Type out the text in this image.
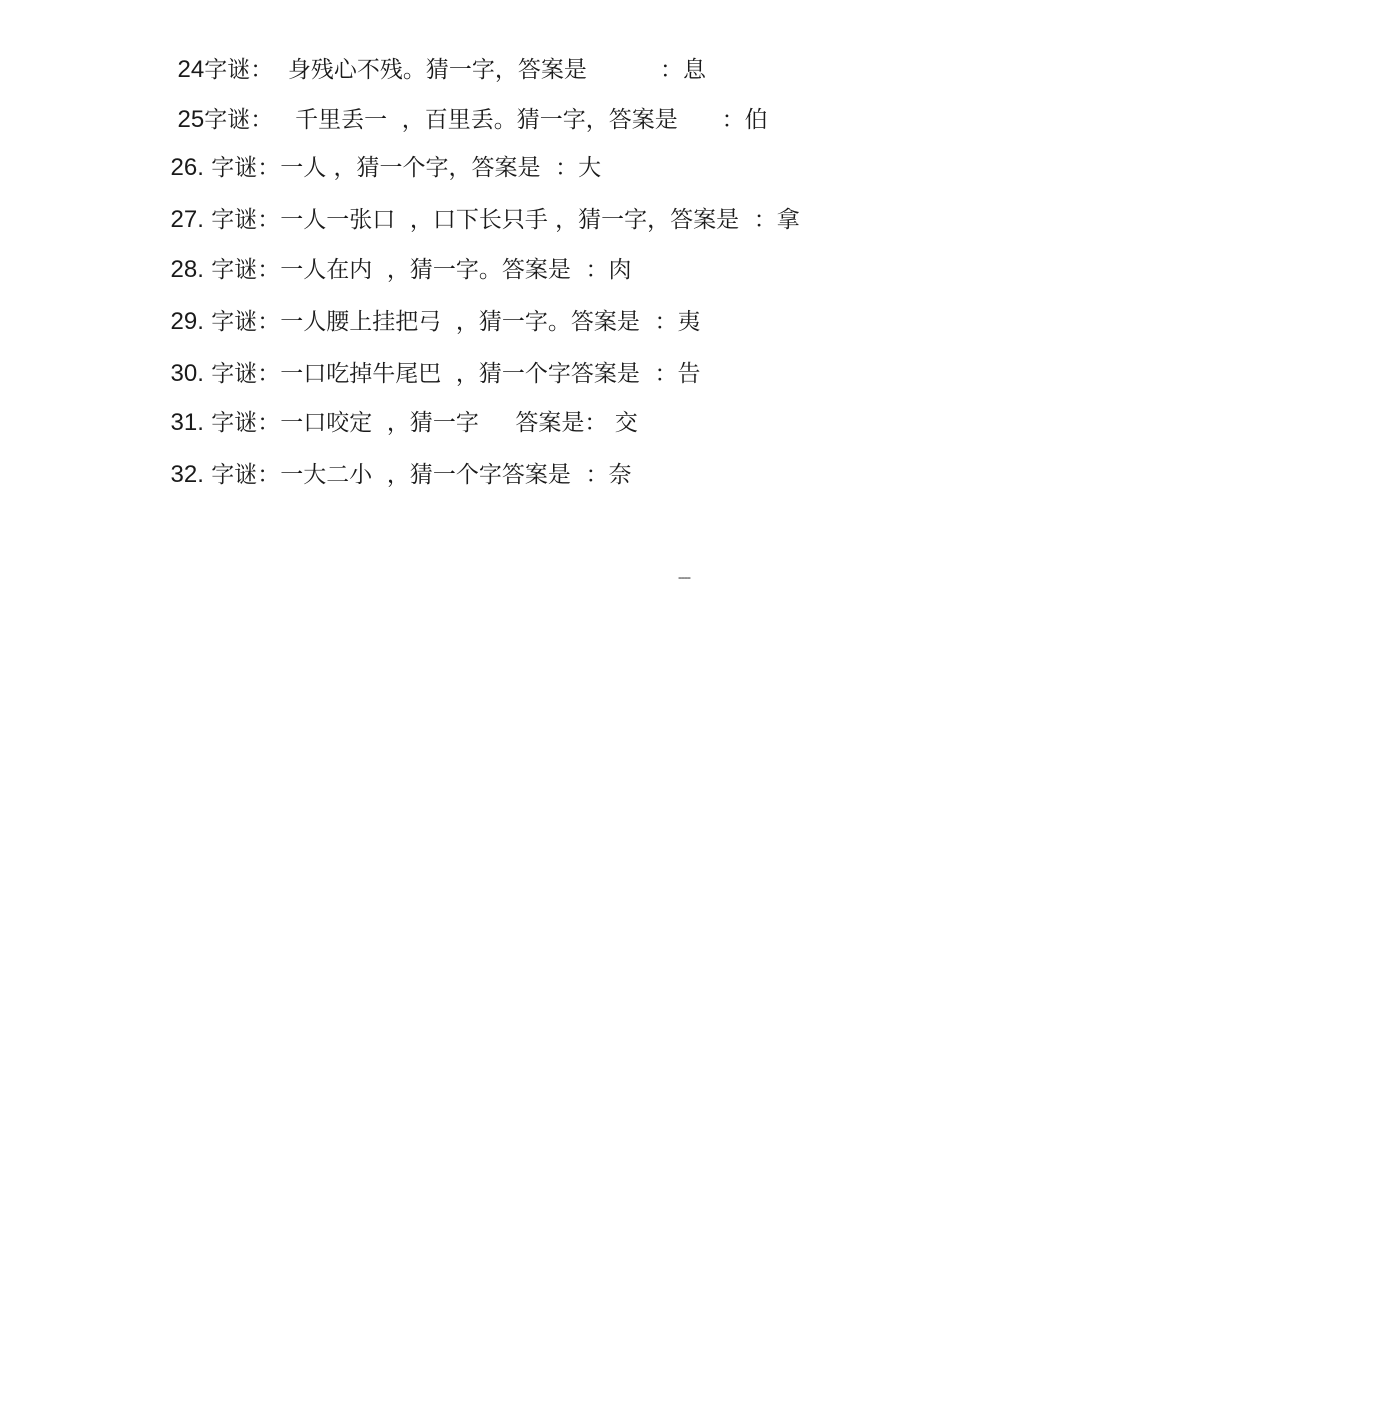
24字谜：  身残心不残。猜一字，答案是          ：息

25字谜：   千里丢一  ，百里丢。猜一字，答案是      ：伯

26. 字谜：一人 ，猜一个字，答案是  ：大

27. 字谜：一人一张口  ，口下长只手 ，猜一字，答案是  ：拿

28. 字谜：一人在内  ，猜一字。答案是  ：肉

29. 字谜：一人腰上挂把弓  ，猜一字。答案是  ：夷

30. 字谜：一口吃掉牛尾巴  ，猜一个字答案是  ：告

31. 字谜：一口咬定  ，猜一字     答案是： 交

32. 字谜：一大二小  ，猜一个字答案是  ：奈

----
